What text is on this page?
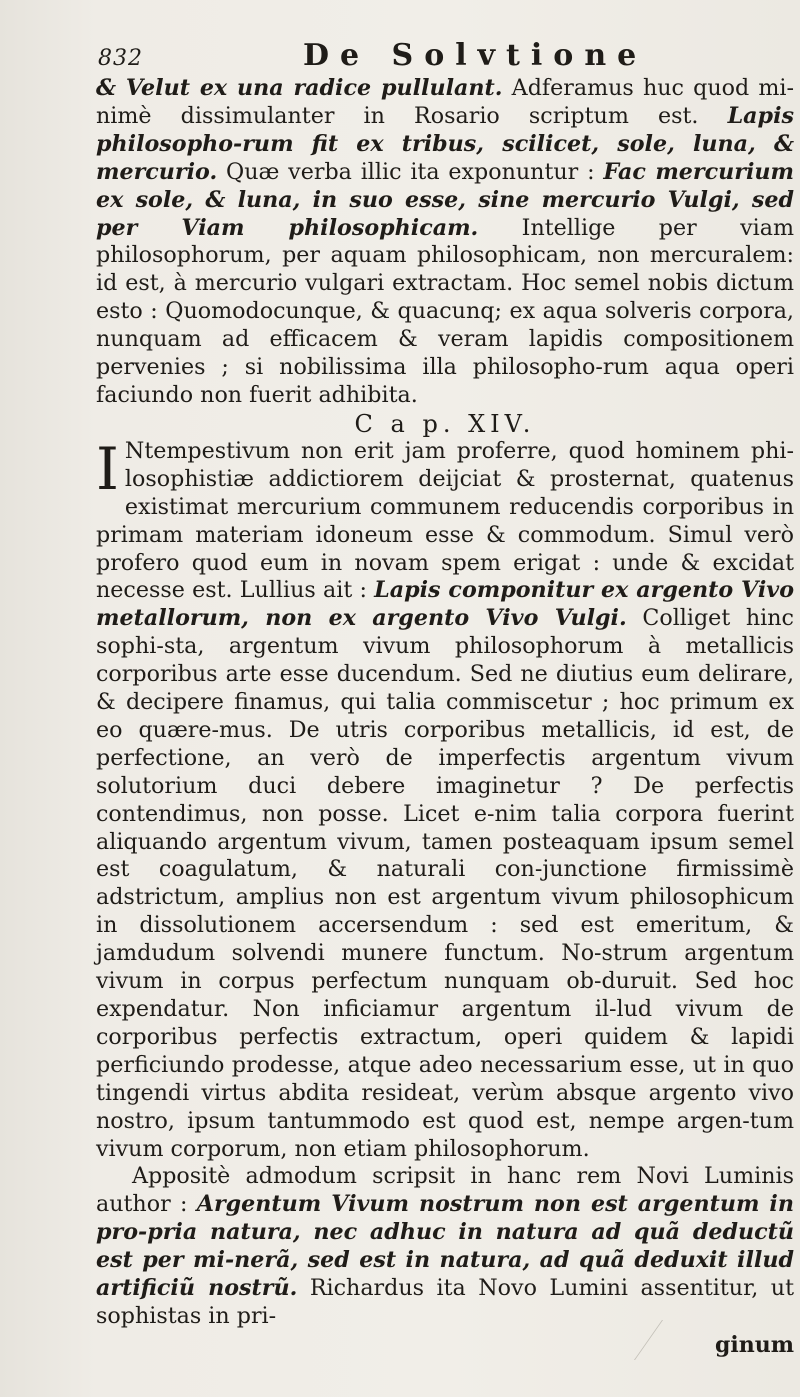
832	De Solvtione

& Velut ex una radice pullulant. Adferamus huc quod mi-nimè dissimulanter in Rosario scriptum est. Lapis philosopho-rum fit ex tribus, scilicet, sole, luna, & mercurio. Quæ verba illic ita exponuntur : Fac mercurium ex sole, & luna, in suo esse, sine mercurio Vulgi, sed per Viam philosophicam. Intellige per viam philosophorum, per aquam philosophicam, non mercuralem: id est, à mercurio vulgari extractam. Hoc semel nobis dictum esto : Quomodocunque, & quacunq; ex aqua solveris corpora, nunquam ad efficacem & veram lapidis compositionem pervenies ; si nobilissima illa philosopho-rum aqua operi faciundo non fuerit adhibita.

C a p. XIV.

I Ntempestivum non erit jam proferre, quod hominem phi-losophistiæ addictiorem deijciat & prosternat, quatenus existimat mercurium communem reducendis corporibus in primam materiam idoneum esse & commodum. Simul verò profero quod eum in novam spem erigat : unde & excidat necesse est. Lullius ait : Lapis componitur ex argento Vivo metallorum, non ex argento Vivo Vulgi. Colliget hinc sophi-sta, argentum vivum philosophorum à metallicis corporibus arte esse ducendum. Sed ne diutius eum delirare, & decipere finamus, qui talia commiscetur ; hoc primum ex eo quære-mus. De utris corporibus metallicis, id est, de perfectione, an verò de imperfectis argentum vivum solutorium duci debere imaginetur ? De perfectis contendimus, non posse. Licet e-nim talia corpora fuerint aliquando argentum vivum, tamen posteaquam ipsum semel est coagulatum, & naturali con-junctione firmissimè adstrictum, amplius non est argentum vivum philosophicum in dissolutionem accersendum : sed est emeritum, & jamdudum solvendi munere functum. No-strum argentum vivum in corpus perfectum nunquam ob-duruit. Sed hoc expendatur. Non inficiamur argentum il-lud vivum de corporibus perfectis extractum, operi quidem & lapidi perficiundo prodesse, atque adeo necessarium esse, ut in quo tingendi virtus abdita resideat, verùm absque argento vivo nostro, ipsum tantummodo est quod est, nempe argen-tum vivum corporum, non etiam philosophorum.

Appositè admodum scripsit in hanc rem Novi Luminis author : Argentum Vivum nostrum non est argentum in pro-pria natura, nec adhuc in natura ad quã deductũ est per mi-nerã, sed est in natura, ad quã deduxit illud artificiũ nostrũ. Richardus ita Novo Lumini assentitur, ut sophistas in pri-

ginum
